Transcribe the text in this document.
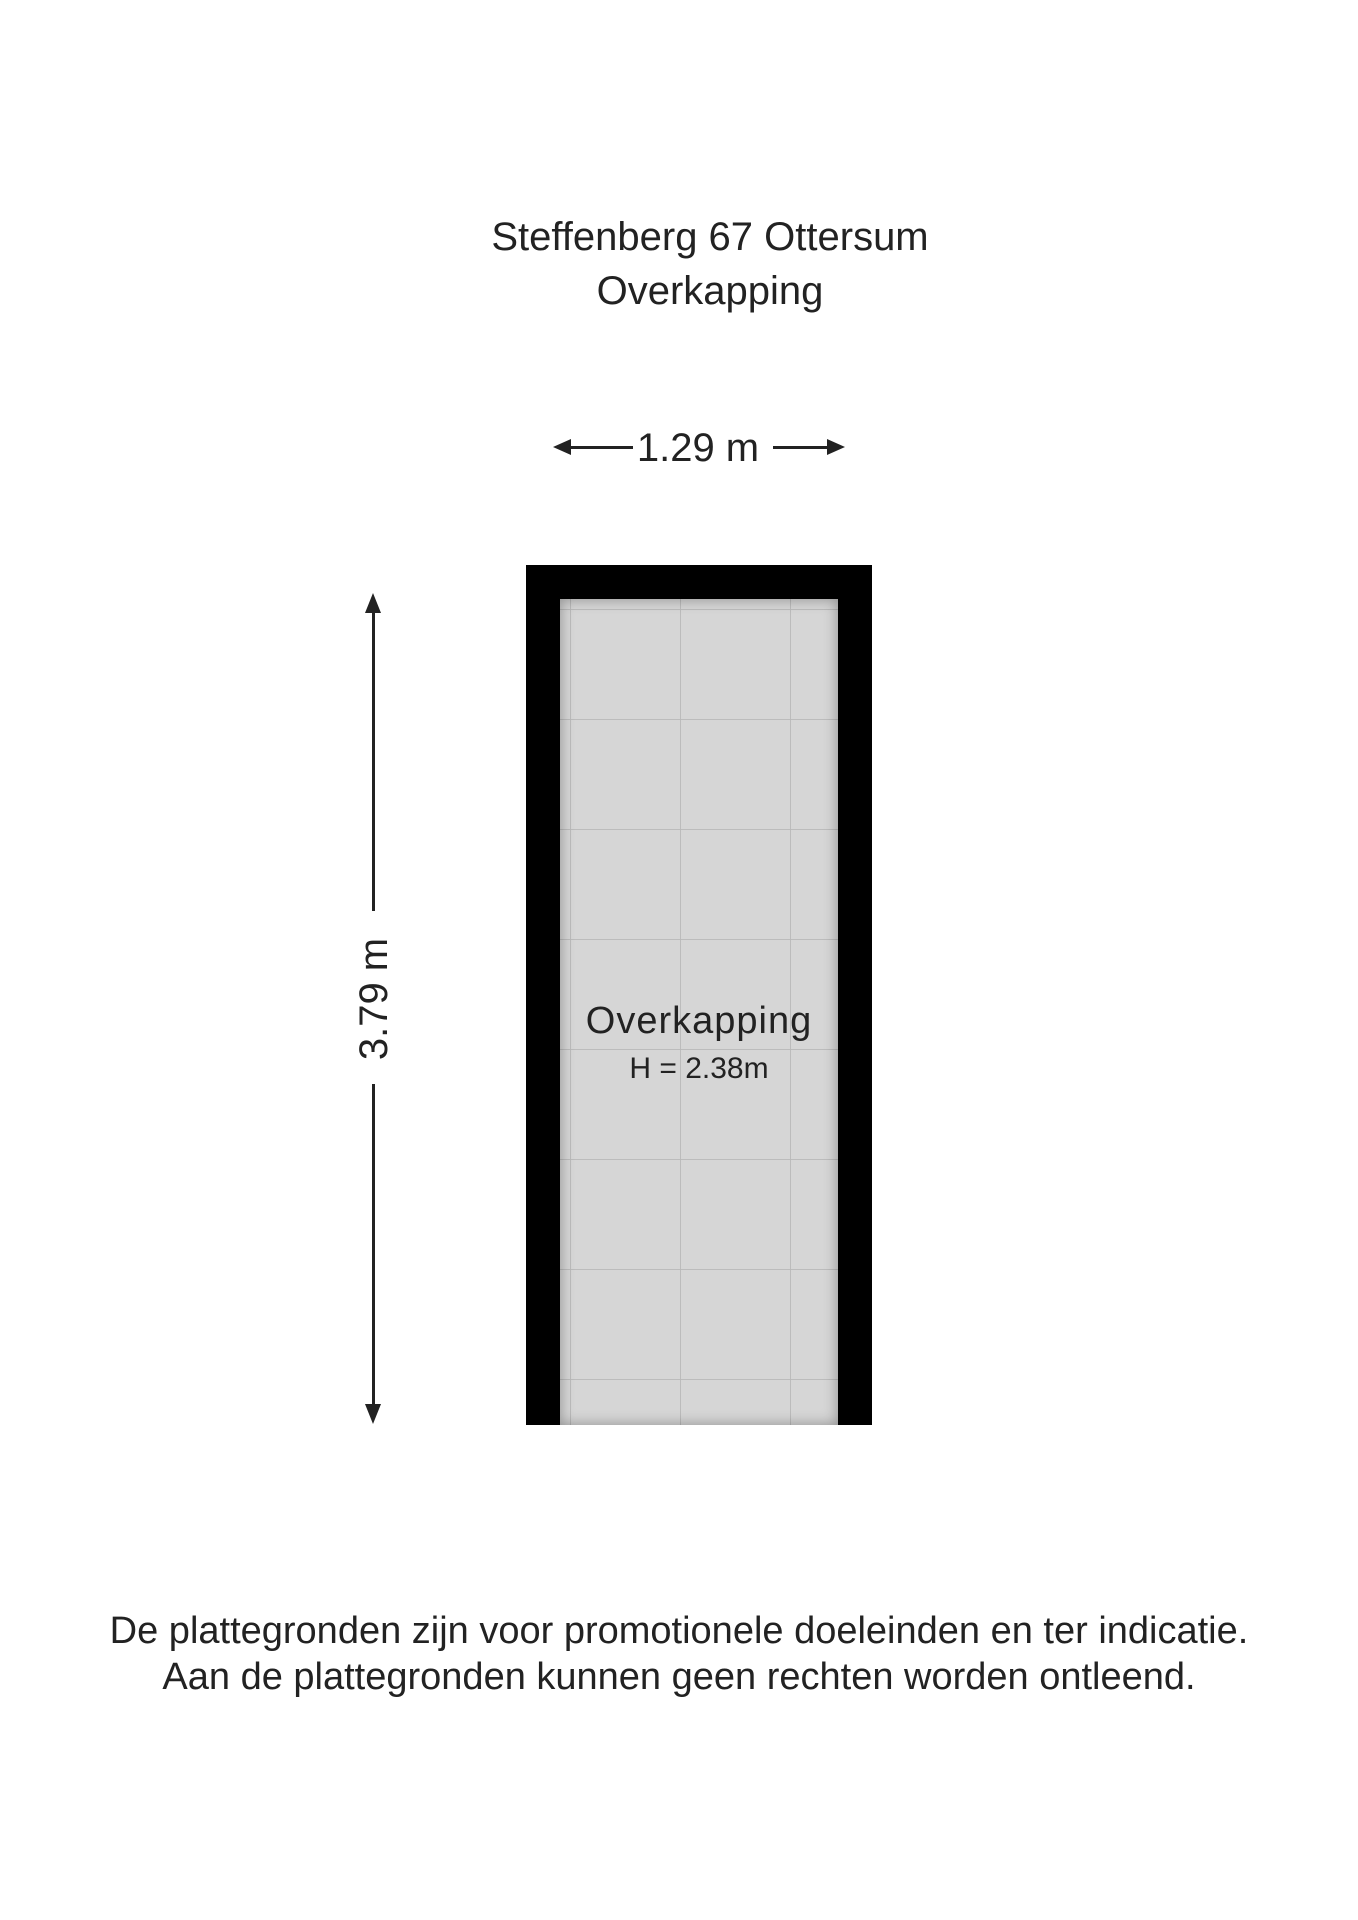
Steffenberg 67 Ottersum
Overkapping
1.29 m
3.79 m	Overkapping
H = 2.38m
De plattegronden zijn voor promotionele doeleinden en ter indicatie.
Aan de plattegronden kunnen geen rechten worden ontleend.
